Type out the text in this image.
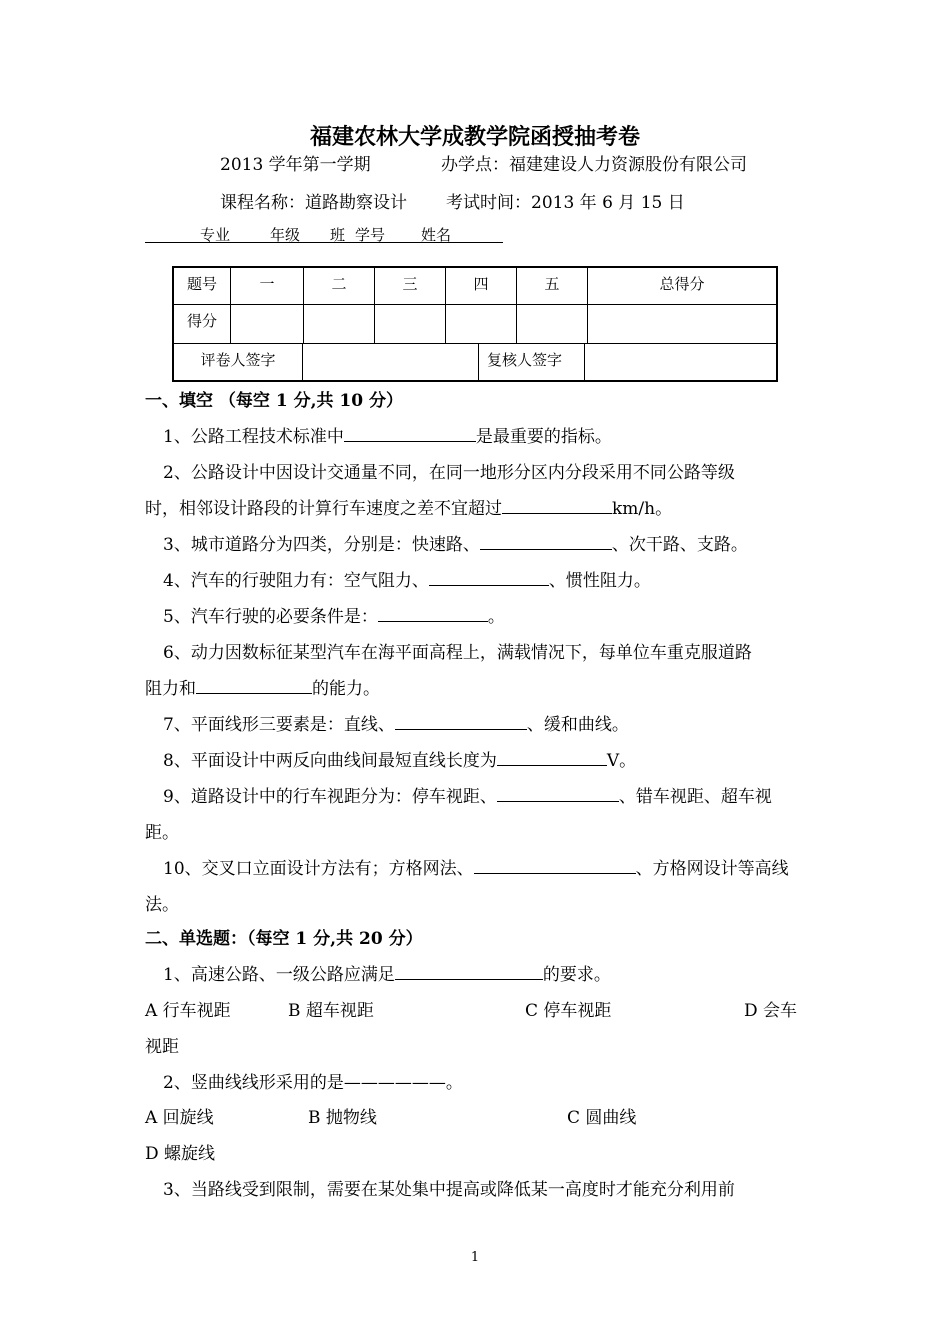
福建农林大学成教学院函授抽考卷
2013 学年第一学期	办学点：福建建设人力资源股份有限公司
课程名称：道路勘察设计 考试时间：2013 年 6 月 15 日
专业	年级 班 学号 姓名
题号	一	二	三	四	五	总得分

得分

评卷人签字		复核人签字

一、填空 （每空 1 分,共 10 分）
1、公路工程技术标准中	是最重要的指标。
2、公路设计中因设计交通量不同，在同一地形分区内分段采用不同公路等级
时，相邻设计路段的计算行车速度之差不宜超过	km/h。
3、城市道路分为四类，分别是：快速路、	、次干路、支路。
4、汽车的行驶阻力有：空气阻力、	、惯性阻力。
5、汽车行驶的必要条件是：	。
6、动力因数标征某型汽车在海平面高程上，满载情况下，每单位车重克服道路
阻力和	的能力。
7、平面线形三要素是：直线、	、缓和曲线。
8、平面设计中两反向曲线间最短直线长度为	V。
9、道路设计中的行车视距分为：停车视距、	、错车视距、超车视
距。
10、交叉口立面设计方法有；方格网法、	、方格网设计等高线
法。
二、单选题：（每空 1 分,共 20 分）
1、高速公路、一级公路应满足	的要求。
A 行车视距	B 超车视距	C 停车视距	D 会车
视距
2、竖曲线线形采用的是——————。
A 回旋线	B 抛物线	C 圆曲线
D 螺旋线
3、当路线受到限制，需要在某处集中提高或降低某一高度时才能充分利用前
1
